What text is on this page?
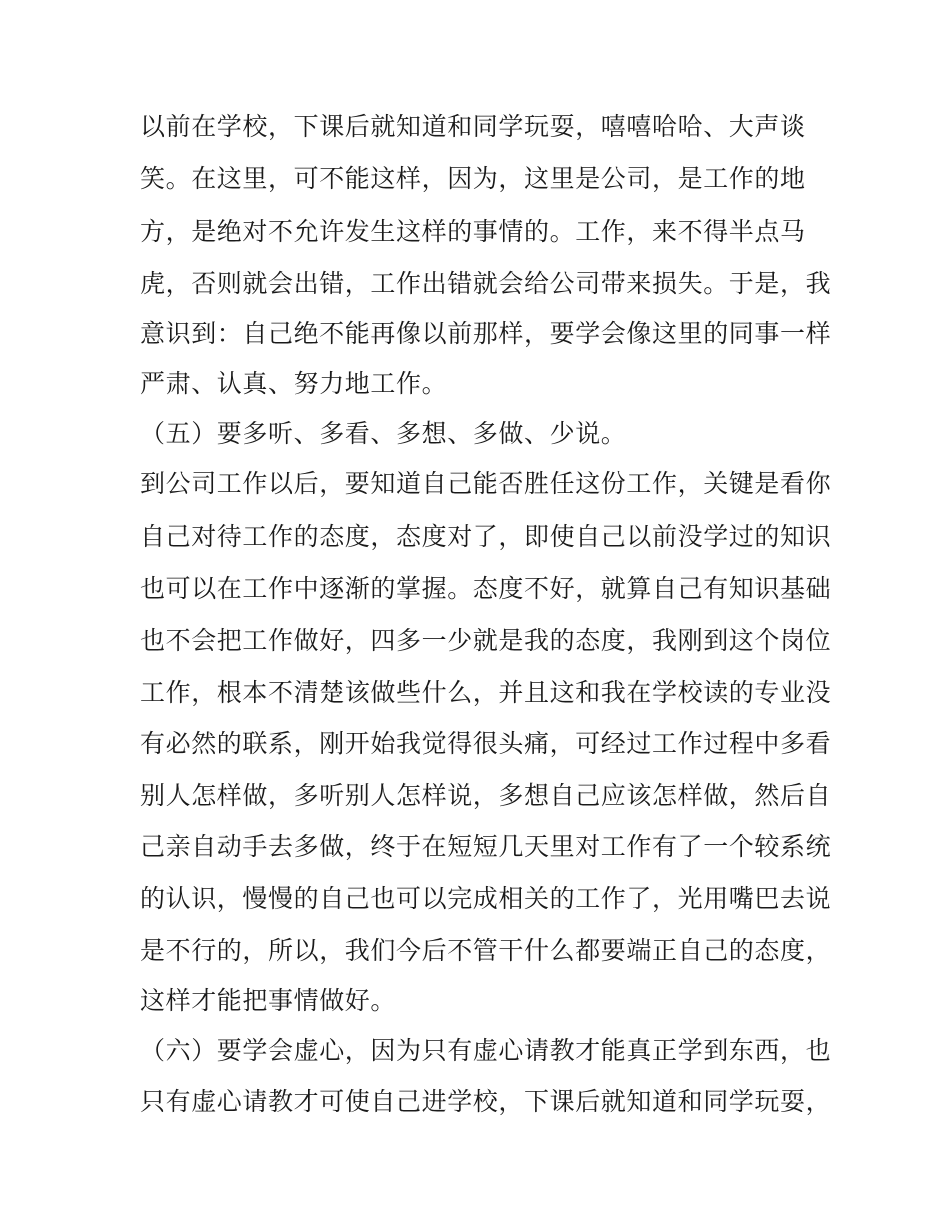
以前在学校，下课后就知道和同学玩耍，嘻嘻哈哈、大声谈
笑。在这里，可不能这样，因为，这里是公司，是工作的地
方，是绝对不允许发生这样的事情的。工作，来不得半点马
虎，否则就会出错，工作出错就会给公司带来损失。于是，我
意识到：自己绝不能再像以前那样，要学会像这里的同事一样
严肃、认真、努力地工作。
（五）要多听、多看、多想、多做、少说。
到公司工作以后，要知道自己能否胜任这份工作，关键是看你
自己对待工作的态度，态度对了，即使自己以前没学过的知识
也可以在工作中逐渐的掌握。态度不好，就算自己有知识基础
也不会把工作做好，四多一少就是我的态度，我刚到这个岗位
工作，根本不清楚该做些什么，并且这和我在学校读的专业没
有必然的联系，刚开始我觉得很头痛，可经过工作过程中多看
别人怎样做，多听别人怎样说，多想自己应该怎样做，然后自
己亲自动手去多做，终于在短短几天里对工作有了一个较系统
的认识，慢慢的自己也可以完成相关的工作了，光用嘴巴去说
是不行的，所以，我们今后不管干什么都要端正自己的态度，
这样才能把事情做好。
（六）要学会虚心，因为只有虚心请教才能真正学到东西，也
只有虚心请教才可使自己进学校，下课后就知道和同学玩耍，
